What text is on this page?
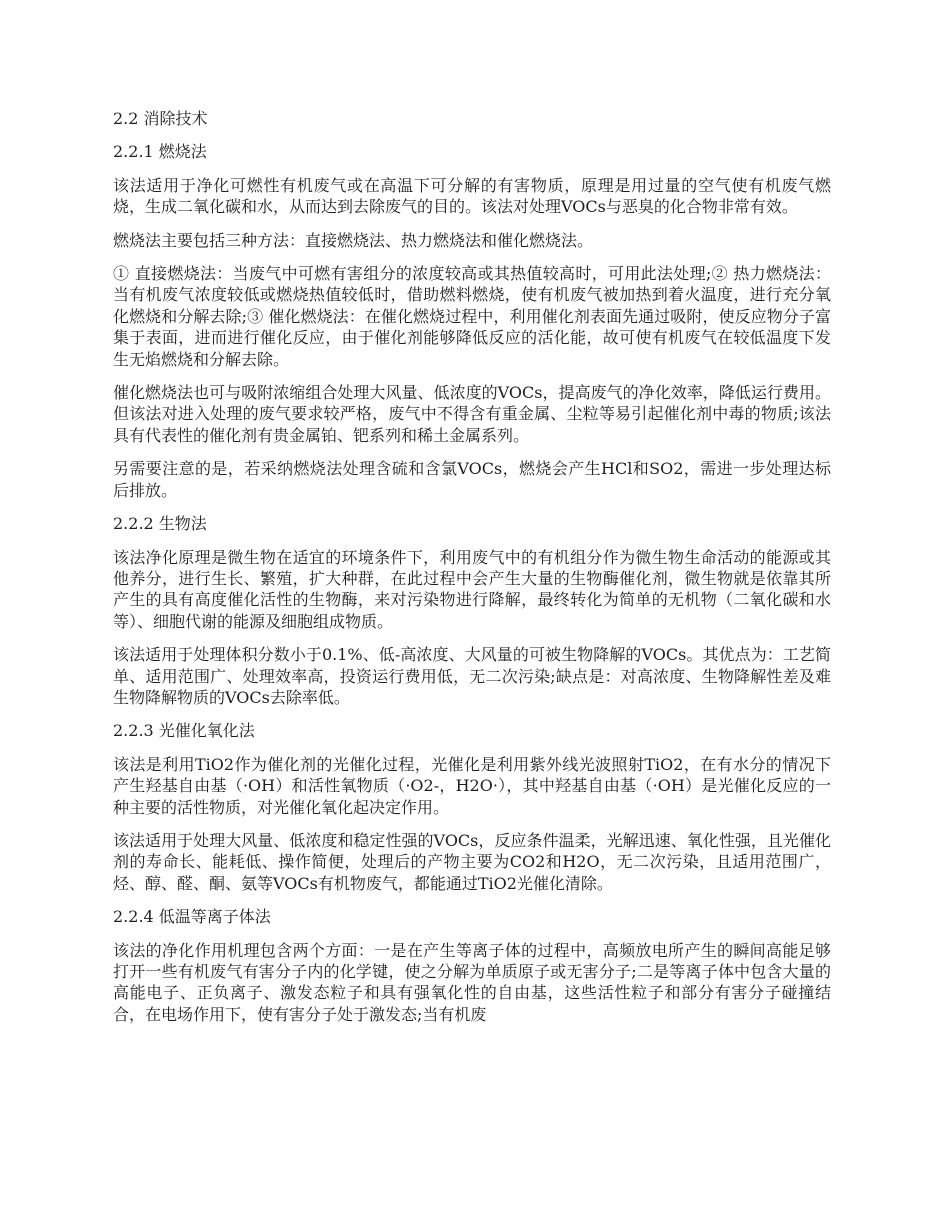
2.2 消除技术
2.2.1 燃烧法

该法适用于净化可燃性有机废气或在高温下可分解的有害物质，原理是用过量的空气使有机废气燃烧，生成二氧化碳和水，从而达到去除废气的目的。该法对处理VOCs与恶臭的化合物非常有效。

燃烧法主要包括三种方法：直接燃烧法、热力燃烧法和催化燃烧法。

① 直接燃烧法：当废气中可燃有害组分的浓度较高或其热值较高时，可用此法处理;② 热力燃烧法：当有机废气浓度较低或燃烧热值较低时，借助燃料燃烧，使有机废气被加热到着火温度，进行充分氧化燃烧和分解去除;③ 催化燃烧法：在催化燃烧过程中，利用催化剂表面先通过吸附，使反应物分子富集于表面，进而进行催化反应，由于催化剂能够降低反应的活化能，故可使有机废气在较低温度下发生无焰燃烧和分解去除。

催化燃烧法也可与吸附浓缩组合处理大风量、低浓度的VOCs，提高废气的净化效率，降低运行费用。但该法对进入处理的废气要求较严格，废气中不得含有重金属、尘粒等易引起催化剂中毒的物质;该法具有代表性的催化剂有贵金属铂、钯系列和稀土金属系列。

另需要注意的是，若采纳燃烧法处理含硫和含氯VOCs，燃烧会产生HCl和SO2，需进一步处理达标后排放。

2.2.2 生物法

该法净化原理是微生物在适宜的环境条件下，利用废气中的有机组分作为微生物生命活动的能源或其他养分，进行生长、繁殖，扩大种群，在此过程中会产生大量的生物酶催化剂，微生物就是依靠其所产生的具有高度催化活性的生物酶，来对污染物进行降解，最终转化为简单的无机物（二氧化碳和水等）、细胞代谢的能源及细胞组成物质。

该法适用于处理体积分数小于0.1%、低-高浓度、大风量的可被生物降解的VOCs。其优点为：工艺简单、适用范围广、处理效率高，投资运行费用低，无二次污染;缺点是：对高浓度、生物降解性差及难生物降解物质的VOCs去除率低。

2.2.3 光催化氧化法

该法是利用TiO2作为催化剂的光催化过程，光催化是利用紫外线光波照射TiO2，在有水分的情况下产生羟基自由基（·OH）和活性氧物质（·O2-，H2O·），其中羟基自由基（·OH）是光催化反应的一种主要的活性物质，对光催化氧化起决定作用。

该法适用于处理大风量、低浓度和稳定性强的VOCs，反应条件温柔，光解迅速、氧化性强，且光催化剂的寿命长、能耗低、操作简便，处理后的产物主要为CO2和H2O，无二次污染，且适用范围广，烃、醇、醛、酮、氨等VOCs有机物废气，都能通过TiO2光催化清除。

2.2.4 低温等离子体法

该法的净化作用机理包含两个方面：一是在产生等离子体的过程中，高频放电所产生的瞬间高能足够打开一些有机废气有害分子内的化学键，使之分解为单质原子或无害分子;二是等离子体中包含大量的高能电子、正负离子、激发态粒子和具有强氧化性的自由基，这些活性粒子和部分有害分子碰撞结合，在电场作用下，使有害分子处于激发态;当有机废
